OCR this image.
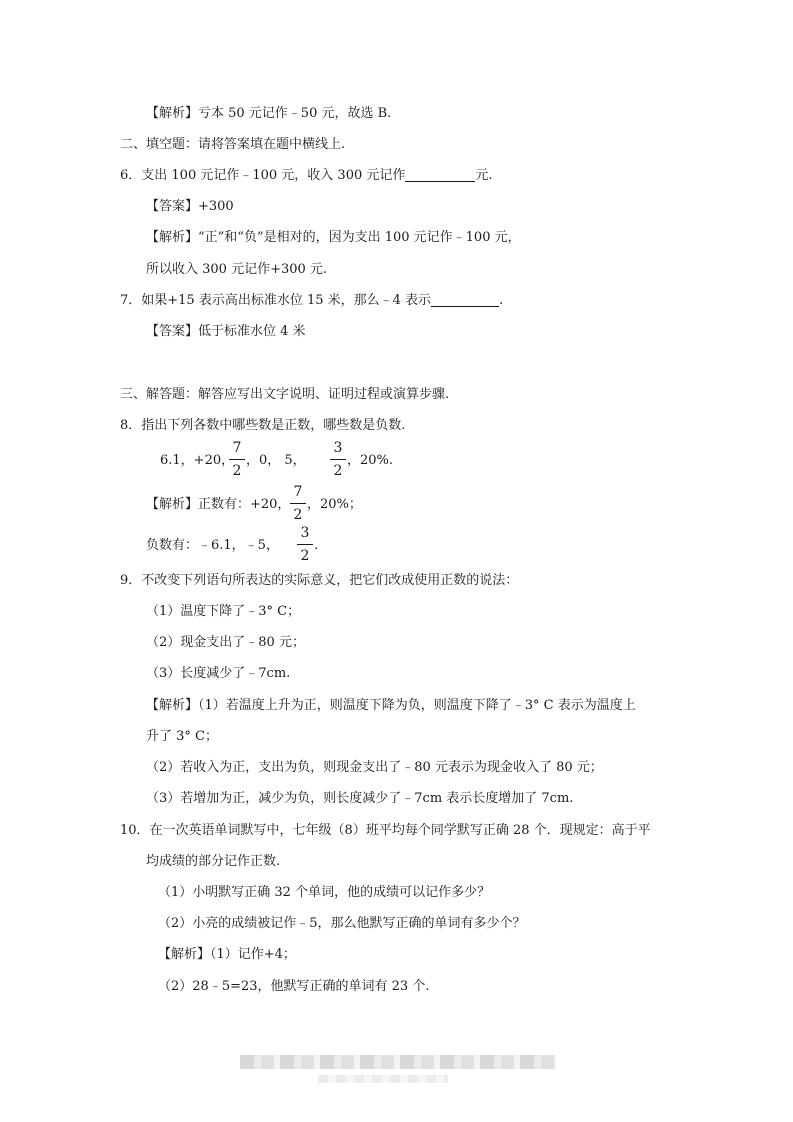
【解析】亏本 50 元记作﹣50 元，故选 B.
二、填空题：请将答案填在题中横线上.
6．支出 100 元记作﹣100 元，收入 300 元记作	元.
【答案】+300
【解析】“正”和“负”是相对的，因为支出 100 元记作﹣100 元，
所以收入 300 元记作+300 元.
7．如果+15 表示高出标准水位 15 米，那么﹣4 表示	.
【答案】低于标准水位 4 米
三、解答题：解答应写出文字说明、证明过程或演算步骤.
8．指出下列各数中哪些数是正数，哪些数是负数.
6.1，+20，
7
2
，0， 5，
3
2
，20%.
【解析】正数有：+20，
7
2
，20%；
负数有：﹣6.1，﹣5，
3
2
.
9．不改变下列语句所表达的实际意义，把它们改成使用正数的说法：
（1）温度下降了﹣3° C；
（2）现金支出了﹣80 元；
（3）长度减少了﹣7cm.
【解析】（1）若温度上升为正，则温度下降为负，则温度下降了﹣3° C 表示为温度上
升了 3° C；
（2）若收入为正，支出为负，则现金支出了﹣80 元表示为现金收入了 80 元；
（3）若增加为正，减少为负，则长度减少了﹣7cm 表示长度增加了 7cm.
10．在一次英语单词默写中，七年级（8）班平均每个同学默写正确 28 个．现规定：高于平
均成绩的部分记作正数.
（1）小明默写正确 32 个单词，他的成绩可以记作多少？
（2）小亮的成绩被记作﹣5，那么他默写正确的单词有多少个？
【解析】（1）记作+4；
（2）28﹣5=23，他默写正确的单词有 23 个.
